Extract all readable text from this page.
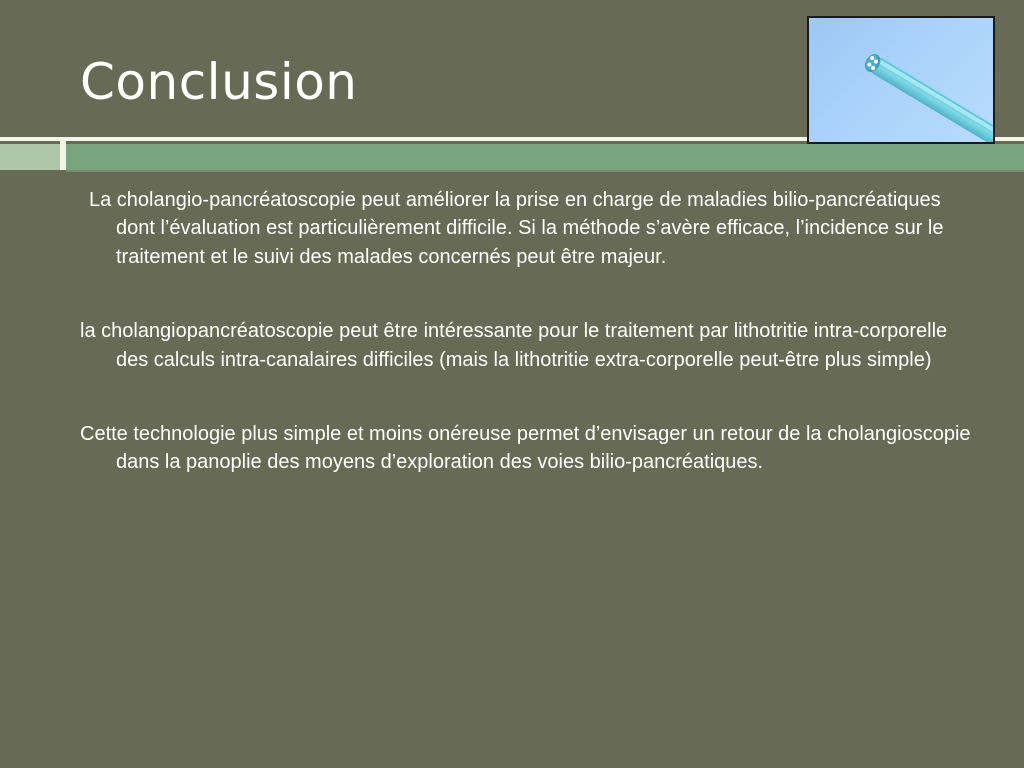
Conclusion

La cholangio-pancréatoscopie peut améliorer la prise en charge de maladies bilio-pancréatiques dont l’évaluation est particulièrement difficile. Si la méthode s’avère efficace, l’incidence sur le traitement et le suivi des malades concernés peut être majeur.

la cholangiopancréatoscopie peut être intéressante pour le traitement par lithotritie intra-corporelle des calculs intra-canalaires difficiles (mais la lithotritie extra-corporelle peut-être plus simple)

Cette technologie plus simple et moins onéreuse permet d’envisager un retour de la cholangioscopie dans la panoplie des moyens d’exploration des voies bilio-pancréatiques.
